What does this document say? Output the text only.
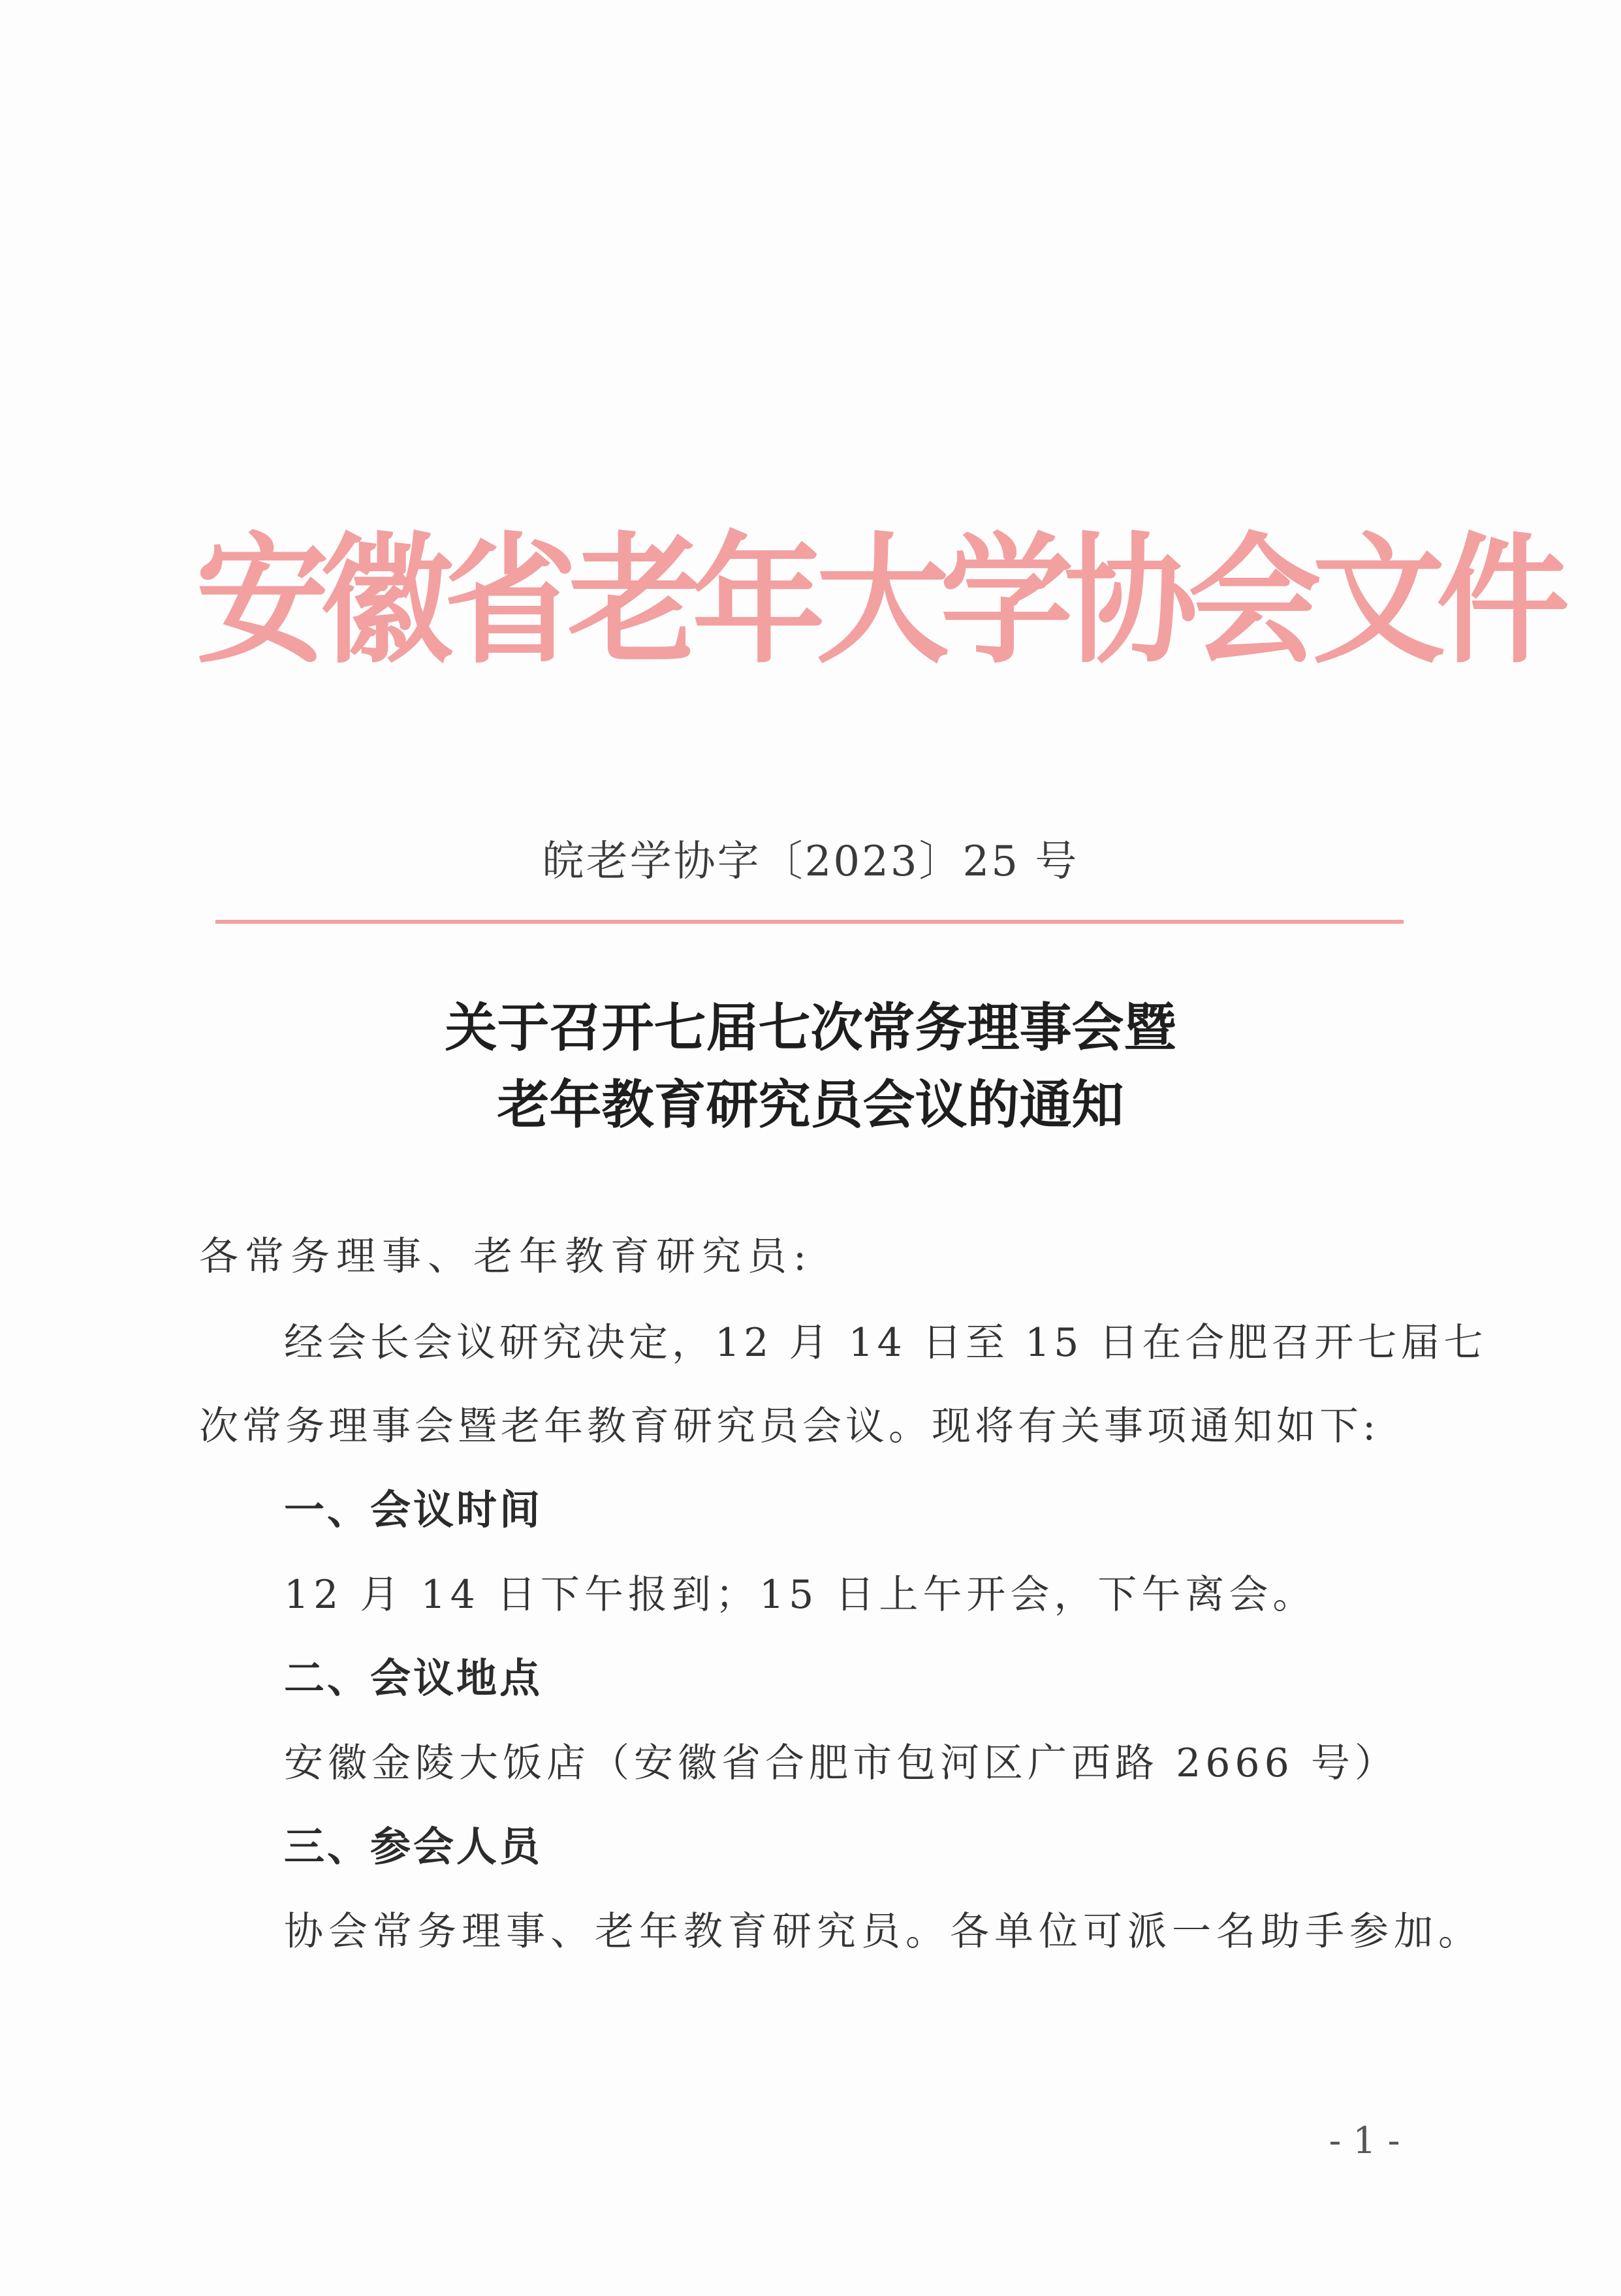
安徽省老年大学协会文件
皖老学协字〔2023〕25 号
关于召开七届七次常务理事会暨
老年教育研究员会议的通知
各常务理事、老年教育研究员:
经会长会议研究决定，12 月 14 日至 15 日在合肥召开七届七
次常务理事会暨老年教育研究员会议。现将有关事项通知如下:
一、会议时间
12 月 14 日下午报到；15 日上午开会，下午离会。
二、会议地点
安徽金陵大饭店（安徽省合肥市包河区广西路 2666 号）
三、参会人员
协会常务理事、老年教育研究员。各单位可派一名助手参加。
- 1 -
